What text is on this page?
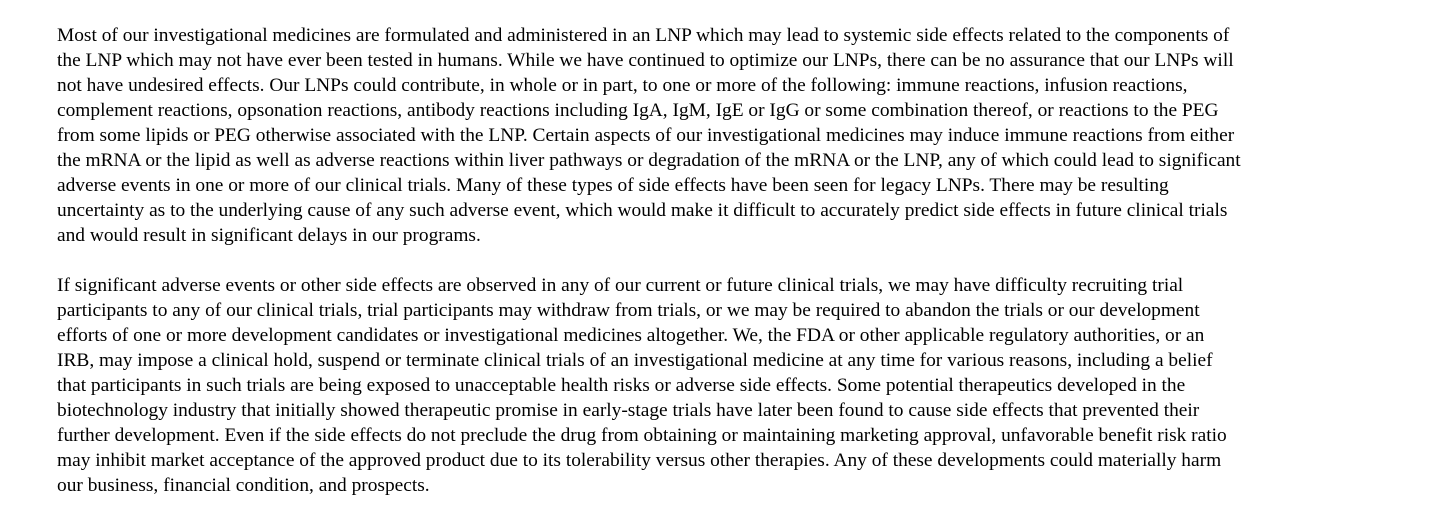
Most of our investigational medicines are formulated and administered in an LNP which may lead to systemic side effects related to the components of
the LNP which may not have ever been tested in humans. While we have continued to optimize our LNPs, there can be no assurance that our LNPs will
not have undesired effects. Our LNPs could contribute, in whole or in part, to one or more of the following: immune reactions, infusion reactions,
complement reactions, opsonation reactions, antibody reactions including IgA, IgM, IgE or IgG or some combination thereof, or reactions to the PEG
from some lipids or PEG otherwise associated with the LNP. Certain aspects of our investigational medicines may induce immune reactions from either
the mRNA or the lipid as well as adverse reactions within liver pathways or degradation of the mRNA or the LNP, any of which could lead to significant
adverse events in one or more of our clinical trials. Many of these types of side effects have been seen for legacy LNPs. There may be resulting
uncertainty as to the underlying cause of any such adverse event, which would make it difficult to accurately predict side effects in future clinical trials
and would result in significant delays in our programs.

If significant adverse events or other side effects are observed in any of our current or future clinical trials, we may have difficulty recruiting trial
participants to any of our clinical trials, trial participants may withdraw from trials, or we may be required to abandon the trials or our development
efforts of one or more development candidates or investigational medicines altogether. We, the FDA or other applicable regulatory authorities, or an
IRB, may impose a clinical hold, suspend or terminate clinical trials of an investigational medicine at any time for various reasons, including a belief
that participants in such trials are being exposed to unacceptable health risks or adverse side effects. Some potential therapeutics developed in the
biotechnology industry that initially showed therapeutic promise in early-stage trials have later been found to cause side effects that prevented their
further development. Even if the side effects do not preclude the drug from obtaining or maintaining marketing approval, unfavorable benefit risk ratio
may inhibit market acceptance of the approved product due to its tolerability versus other therapies. Any of these developments could materially harm
our business, financial condition, and prospects.
